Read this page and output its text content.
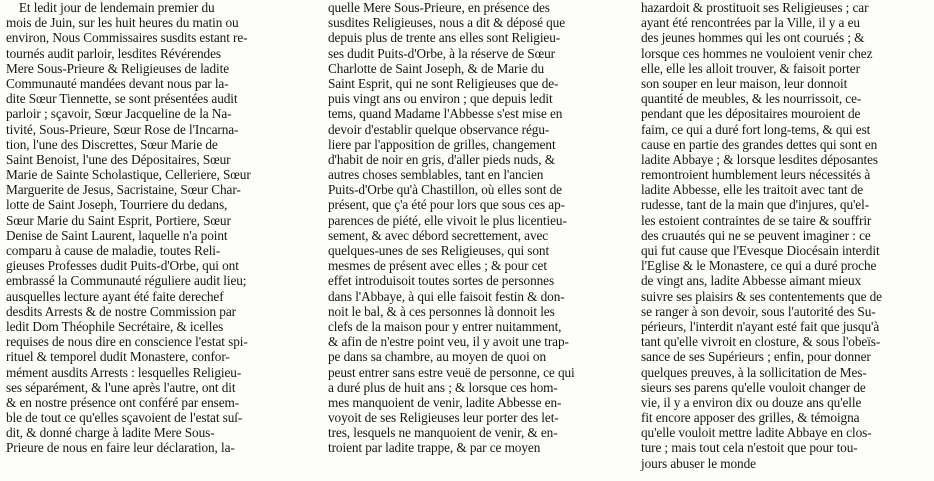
Et ledit jour de lendemain premier du
mois de Juin, sur les huit heures du matin ou
environ, Nous Commissaires susdits estant re-
tournés audit parloir, lesdites Révérendes
Mere Sous-Prieure & Religieuses de ladite
Communauté mandées devant nous par la-
dite Sœur Tiennette, se sont présentées audit
parloir ; sçavoir, Sœur Jacqueline de la Na-
tivité, Sous-Prieure, Sœur Rose de l'Incarna-
tion, l'une des Discrettes, Sœur Marie de
Saint Benoist, l'une des Dépositaires, Sœur
Marie de Sainte Scholastique, Celleriere, Sœur
Marguerite de Jesus, Sacristaine, Sœur Char-
lotte de Saint Joseph, Tourriere du dedans,
Sœur Marie du Saint Esprit, Portiere, Sœur
Denise de Saint Laurent, laquelle n'a point
comparu à cause de maladie, toutes Reli-
gieuses Professes dudit Puits-d'Orbe, qui ont
embrassé la Communauté réguliere audit lieu;
ausquelles lecture ayant été faite derechef
desdits Arrests & de nostre Commission par
ledit Dom Théophile Secrétaire, & icelles
requises de nous dire en conscience l'estat spi-
rituel & temporel dudit Monastere, confor-
mément ausdits Arrests : lesquelles Religieu-
ses séparément, & l'une après l'autre, ont dit
& en nostre présence ont conféré par ensem-
ble de tout ce qu'elles sçavoient de l'estat suſ-
dit, & donné charge à ladite Mere Sous-
Prieure de nous en faire leur déclaration, la-
quelle Mere Sous-Prieure, en présence des
susdites Religieuses, nous a dit & déposé que
depuis plus de trente ans elles sont Religieu-
ses dudit Puits-d'Orbe, à la réserve de Sœur
Charlotte de Saint Joseph, & de Marie du
Saint Esprit, qui ne sont Religieuses que de-
puis vingt ans ou environ ; que depuis ledit
tems, quand Madame l'Abbesse s'est mise en
devoir d'establir quelque observance régu-
liere par l'apposition de grilles, changement
d'habit de noir en gris, d'aller pieds nuds, &
autres choses semblables, tant en l'ancien
Puits-d'Orbe qu'à Chastillon, où elles sont de
présent, que ç'a été pour lors que sous ces ap-
parences de piété, elle vivoit le plus licentieu-
sement, & avec débord secrettement, avec
quelques-unes de ses Religieuses, qui sont
mesmes de présent avec elles ; & pour cet
effet introduisoit toutes sortes de personnes
dans l'Abbaye, à qui elle faisoit festin & don-
noit le bal, & à ces personnes là donnoit les
clefs de la maison pour y entrer nuitamment,
& afin de n'estre point veu, il y avoit une trap-
pe dans sa chambre, au moyen de quoi on
peust entrer sans estre veuë de personne, ce qui
a duré plus de huit ans ; & lorsque ces hom-
mes manquoient de venir, ladite Abbesse en-
voyoit de ses Religieuses leur porter des let-
tres, lesquels ne manquoient de venir, & en-
troient par ladite trappe, & par ce moyen
hazardoit & prostituoit ses Religieuses ; car
ayant été rencontrées par la Ville, il y a eu
des jeunes hommes qui les ont courués ; &
lorsque ces hommes ne vouloient venir chez
elle, elle les alloit trouver, & faisoit porter
son souper en leur maison, leur donnoit
quantité de meubles, & les nourrissoit, ce-
pendant que les dépositaires mouroient de
faim, ce qui a duré fort long-tems, & qui est
cause en partie des grandes dettes qui sont en
ladite Abbaye ; & lorsque lesdites déposantes
remontroient humblement leurs nécessités à
ladite Abbesse, elle les traitoit avec tant de
rudesse, tant de la main que d'injures, qu'el-
les estoient contraintes de se taire & souffrir
des cruautés qui ne se peuvent imaginer : ce
qui fut cause que l'Evesque Diocésain interdit
l'Eglise & le Monastere, ce qui a duré proche
de vingt ans, ladite Abbesse aimant mieux
suivre ses plaisirs & ses contentements que de
se ranger à son devoir, sous l'autorité des Su-
périeurs, l'interdit n'ayant esté fait que jusqu'à
tant qu'elle vivroit en closture, & sous l'obeïs-
sance de ses Supérieurs ; enfin, pour donner
quelques preuves, à la sollicitation de Mes-
sieurs ses parens qu'elle vouloit changer de
vie, il y a environ dix ou douze ans qu'elle
fit encore apposer des grilles, & témoigna
qu'elle vouloit mettre ladite Abbaye en clos-
ture ; mais tout cela n'estoit que pour tou-
jours abuser le monde
